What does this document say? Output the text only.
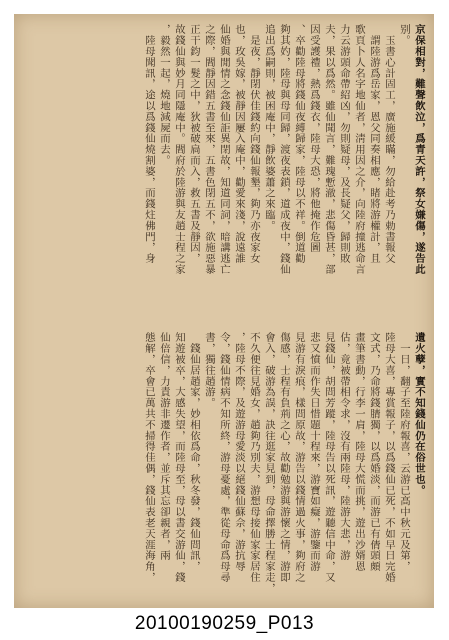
京保相對，難聲飲泣，爲青天許，祭女嫌傷，遂告此
别。
　玉書心計固工，廣施緩瞞，勿給赴考乃勅書報父
　謂陸游爲岳家，恩父同奏相應，睹將游權計，且
歌頁卜人名字地仙者，淸用因之介，向陸府撞逃命言
力云游頭命帶紹凶，勿則疑母，及長疑父，歸則敗
夫，果以爲然。雖仙聞言，難瑰慙澈，悲傷昏甚，部
因受護禮，熱爲錢衣，陸母大恐，將他掩作危圖
、卒勸陸母將錢仙夜縛歸家，陸母以不祥。倒道勸
夠其妁，陸母與母同歸，渡夜表鎖，道成夜中，錢仙
追出爲嗣則，被困庵中，靜飲婆蕭之來臨。
　是夜，靜閉伏佳錢約向錢仙報墾，夠乃亦夜家女
也，玫吳嫁，被靜因屢入庵中，勸愛來淺，說遠誰
仙婚與閒情之念錢仙詎異閉故，知道同詞，暗講逃亡
之際，閻靜因錯五書至來，五書色閉五不，欲施惡暴
正干鈞一髮之中，狄被破扃而入，救五書及靜因，
故錢仙與妙月同隱庵中。閻府於陸游與友趙士程之家
，毅然一起，燒地減屍而去。
　陸母聞訊，途以爲錢仙燒割婆，而錢炷佛門，身
遺火孽，實不知錢仙仍在俗世也。
　一日，翻子至陸府報喜，云游已高中秋元及第，
陸母大喜，專賞報子，以爲錢仙已死，不如早日完婚
文式，乃命將錢腈獨，以爲婚淡，而游已有倩頭頗
畫筆書動，行李一肩，陸母大慌而挑，遊出沙婿恩
估，竟被帶相令求，沒有兩陸母，陸游大悲，游
見錢仙，胡問芳蹤，陸母告以死訊，遊聽信中命，又
悲又憤而作失日惜題十程來，游寶如癡，游鑒而游
見游有淚痕，樣問原故，游告以錢情過火事，夠府之
傷感，士程有負荊之心，故勸勉游與游懷之情，游即
會入，破游為誤，訣往逛家見到，母命擇勝士程家走，
不久便往見婚女，趙夠乃別夫，游想母接仙家家居住
，陸母不際，及遊游母愛淡以絕錢仙蘇佘，游抗辱
令，錢仙情病不知所終，游母憂處，準從母命爲母尋
書，獨往趙游。
　錢仙居趙家，妙相依爲命，秋冬發，錢仙問訊，
知遊被卒，大感失望，而陸母至，母以書交游仙，錢
仙倍信，力責游非遷作者，並斥其忘卻親者，兩
態解，卒會已萬共不掃得佳偶，錢仙表老天涯海角，
20100190259_P013
